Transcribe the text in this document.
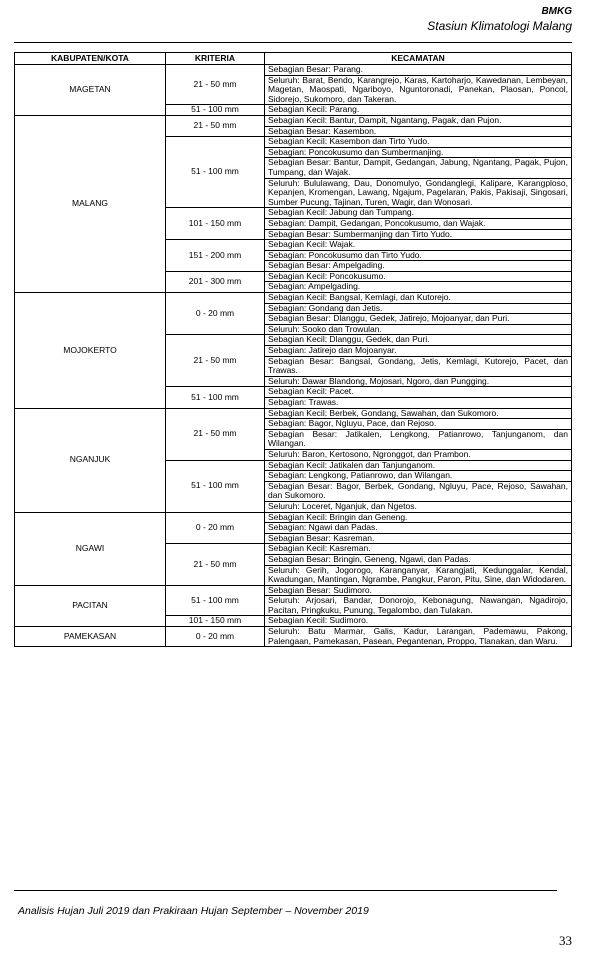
BMKG
Stasiun Klimatologi Malang
KABUPATEN/KOTA	KRITERIA	KECAMATAN
MAGETAN	21 - 50 mm	Sebagian Besar: Parang.
		Seluruh: Barat, Bendo, Karangrejo, Karas, Kartoharjo, Kawedanan, Lembeyan, Magetan, Maospati, Ngariboyo, Nguntoronadi, Panekan, Plaosan, Poncol, Sidorejo, Sukomoro, dan Takeran.
	51 - 100 mm	Sebagian Kecil: Parang.
MALANG	21 - 50 mm	Sebagian Kecil: Bantur, Dampit, Ngantang, Pagak, dan Pujon.
		Sebagian Besar: Kasembon.
	51 - 100 mm	Sebagian Kecil: Kasembon dan Tirto Yudo.
		Sebagian: Poncokusumo dan Sumbermanjing.
		Sebagian Besar: Bantur, Dampit, Gedangan, Jabung, Ngantang, Pagak, Pujon, Tumpang, dan Wajak.
		Seluruh: Bululawang, Dau, Donomulyo, Gondanglegi, Kalipare, Karangploso, Kepanjen, Kromengan, Lawang, Ngajum, Pagelaran, Pakis, Pakisaji, Singosari, Sumber Pucung, Tajinan, Turen, Wagir, dan Wonosari.
	101 - 150 mm	Sebagian Kecil: Jabung dan Tumpang.
		Sebagian: Dampit, Gedangan, Poncokusumo, dan Wajak.
		Sebagian Besar: Sumbermanjing dan Tirto Yudo.
	151 - 200 mm	Sebagian Kecil: Wajak.
		Sebagian: Poncokusumo dan Tirto Yudo.
		Sebagian Besar: Ampelgading.
	201 - 300 mm	Sebagian Kecil: Poncokusumo.
		Sebagian: Ampelgading.
MOJOKERTO	0 - 20 mm	Sebagian Kecil: Bangsal, Kemlagi, dan Kutorejo.
		Sebagian: Gondang dan Jetis.
		Sebagian Besar: Dlanggu, Gedek, Jatirejo, Mojoanyar, dan Puri.
		Seluruh: Sooko dan Trowulan.
	21 - 50 mm	Sebagian Kecil: Dlanggu, Gedek, dan Puri.
		Sebagian: Jatirejo dan Mojoanyar.
		Sebagian Besar: Bangsal, Gondang, Jetis, Kemlagi, Kutorejo, Pacet, dan Trawas.
		Seluruh: Dawar Blandong, Mojosari, Ngoro, dan Pungging.
	51 - 100 mm	Sebagian Kecil: Pacet.
		Sebagian: Trawas.
NGANJUK	21 - 50 mm	Sebagian Kecil: Berbek, Gondang, Sawahan, dan Sukomoro.
		Sebagian: Bagor, Ngluyu, Pace, dan Rejoso.
		Sebagian Besar: Jatikalen, Lengkong, Patianrowo, Tanjunganom, dan Wilangan.
		Seluruh: Baron, Kertosono, Ngronggot, dan Prambon.
	51 - 100 mm	Sebagian Kecil: Jatikalen dan Tanjunganom.
		Sebagian: Lengkong, Patianrowo, dan Wilangan.
		Sebagian Besar: Bagor, Berbek, Gondang, Ngluyu, Pace, Rejoso, Sawahan, dan Sukomoro.
		Seluruh: Loceret, Nganjuk, dan Ngetos.
NGAWI	0 - 20 mm	Sebagian Kecil: Bringin dan Geneng.
		Sebagian: Ngawi dan Padas.
		Sebagian Besar: Kasreman.
	21 - 50 mm	Sebagian Kecil: Kasreman.
		Sebagian Besar: Bringin, Geneng, Ngawi, dan Padas.
		Seluruh: Gerih, Jogorogo, Karanganyar, Karangjati, Kedunggalar, Kendal, Kwadungan, Mantingan, Ngrambe, Pangkur, Paron, Pitu, Sine, dan Widodaren.
PACITAN	51 - 100 mm	Sebagian Besar: Sudimoro.
		Seluruh: Arjosari, Bandar, Donorojo, Kebonagung, Nawangan, Ngadirojo, Pacitan, Pringkuku, Punung, Tegalombo, dan Tulakan.
	101 - 150 mm	Sebagian Kecil: Sudimoro.
PAMEKASAN	0 - 20 mm	Seluruh: Batu Marmar, Galis, Kadur, Larangan, Pademawu, Pakong, Palengaan, Pamekasan, Pasean, Pegantenan, Proppo, Tlanakan, dan Waru.
Analisis Hujan Juli 2019 dan Prakiraan Hujan September – November 2019
33
